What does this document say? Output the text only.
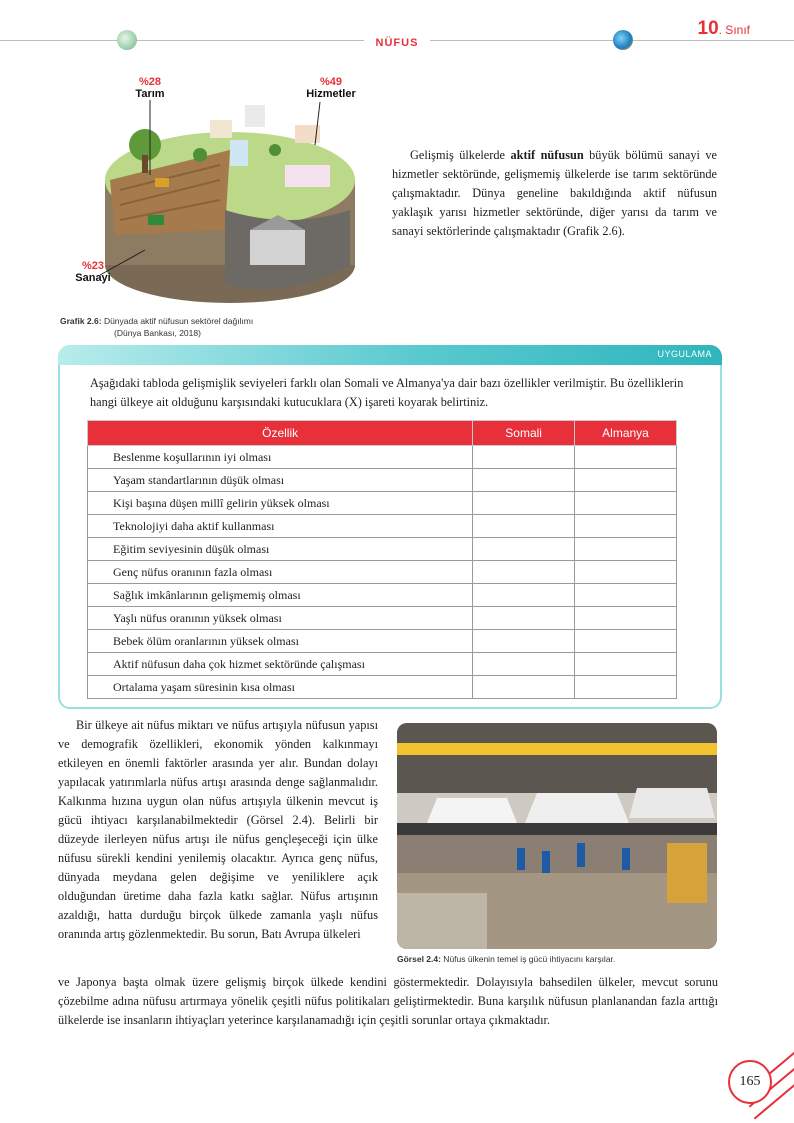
NÜFUS
10. Sınıf
%28
Tarım
%49
Hizmetler
%23
Sanayi
Grafik 2.6: Dünyada aktif nüfusun sektörel dağılımı
(Dünya Bankası, 2018)
Gelişmiş ülkelerde aktif nüfusun büyük bölümü sanayi ve hizmetler sektöründe, gelişmemiş ülkelerde ise tarım sektöründe çalışmaktadır. Dünya geneline bakıldığında aktif nüfusun yaklaşık yarısı hizmetler sektöründe, diğer yarısı da tarım ve sanayi sektörlerinde çalışmaktadır (Grafik 2.6).
UYGULAMA
Aşağıdaki tabloda gelişmişlik seviyeleri farklı olan Somali ve Almanya'ya dair bazı özellikler verilmiştir. Bu özelliklerin hangi ülkeye ait olduğunu karşısındaki kutucuklara (X) işareti koyarak belirtiniz.
Özellik	Somali	Almanya
Beslenme koşullarının iyi olması		
Yaşam standartlarının düşük olması		
Kişi başına düşen millî gelirin yüksek olması		
Teknolojiyi daha aktif kullanması		
Eğitim seviyesinin düşük olması		
Genç nüfus oranının fazla olması		
Sağlık imkânlarının gelişmemiş olması		
Yaşlı nüfus oranının yüksek olması		
Bebek ölüm oranlarının yüksek olması		
Aktif nüfusun daha çok hizmet sektöründe çalışması		
Ortalama yaşam süresinin kısa olması		
Bir ülkeye ait nüfus miktarı ve nüfus artışıyla nüfusun yapısı ve demografik özellikleri, ekonomik yönden kalkınmayı etkileyen en önemli faktörler arasında yer alır. Bundan dolayı yapılacak yatırımlarla nüfus artışı arasında denge sağlanmalıdır. Kalkınma hızına uygun olan nüfus artışıyla ülkenin mevcut iş gücü ihtiyacı karşılanabilmektedir (Görsel 2.4). Belirli bir düzeyde ilerleyen nüfus artışı ile nüfus gençleşeceği için ülke nüfusu sürekli kendini yenilemiş olacaktır. Ayrıca genç nüfus, dünyada meydana gelen değişime ve yeniliklere açık olduğundan üretime daha fazla katkı sağlar. Nüfus artışının azaldığı, hatta durduğu birçok ülkede zamanla yaşlı nüfus oranında artış gözlenmektedir. Bu sorun, Batı Avrupa ülkeleri
Görsel 2.4: Nüfus ülkenin temel iş gücü ihtiyacını karşılar.
ve Japonya başta olmak üzere gelişmiş birçok ülkede kendini göstermektedir. Dolayısıyla bahsedilen ülkeler, mevcut sorunu çözebilme adına nüfusu artırmaya yönelik çeşitli nüfus politikaları geliştirmektedir. Buna karşılık nüfusun planlanandan fazla arttığı ülkelerde ise insanların ihtiyaçları yeterince karşılanamadığı için çeşitli sorunlar ortaya çıkmaktadır.
165
